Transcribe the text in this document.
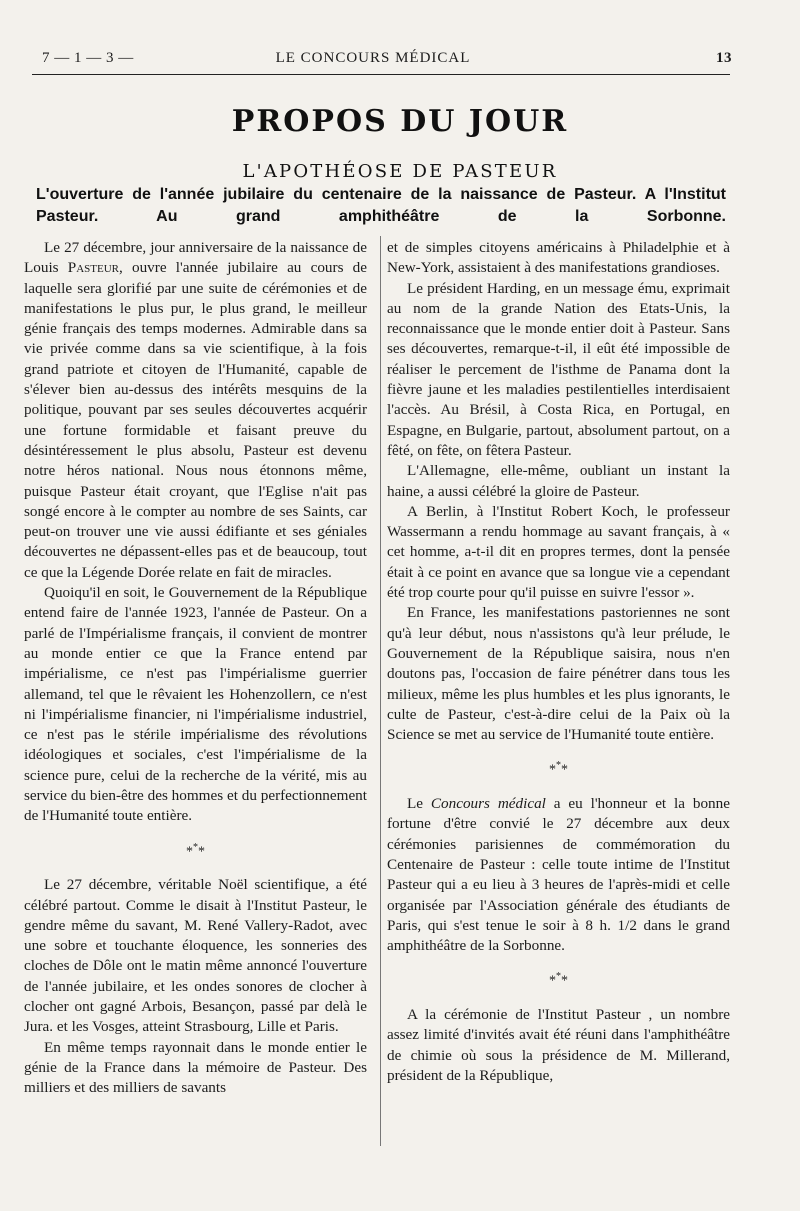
7 — 1 — 3 —	LE CONCOURS MÉDICAL	13
PROPOS DU JOUR
L'APOTHÉOSE DE PASTEUR
L'ouverture de l'année jubilaire du centenaire de la naissance de Pasteur. A l'Institut Pasteur. Au grand amphithéâtre de la Sorbonne.

Le 27 décembre, jour anniversaire de la naissance de Louis Pasteur, ouvre l'année jubilaire au cours de laquelle sera glorifié par une suite de cérémonies et de manifestations le plus pur, le plus grand, le meilleur génie français des temps modernes. Admirable dans sa vie privée comme dans sa vie scientifique, à la fois grand patriote et citoyen de l'Humanité, capable de s'élever bien au-dessus des intérêts mesquins de la politique, pouvant par ses seules découvertes acquérir une fortune formidable et faisant preuve du désintéressement le plus absolu, Pasteur est devenu notre héros national. Nous nous étonnons même, puisque Pasteur était croyant, que l'Eglise n'ait pas songé encore à le compter au nombre de ses Saints, car peut-on trouver une vie aussi édifiante et ses géniales découvertes ne dépassent-elles pas et de beaucoup, tout ce que la Légende Dorée relate en fait de miracles.

Quoiqu'il en soit, le Gouvernement de la République entend faire de l'année 1923, l'année de Pasteur. On a parlé de l'Impérialisme français, il convient de montrer au monde entier ce que la France entend par impérialisme, ce n'est pas l'impérialisme guerrier allemand, tel que le rêvaient les Hohenzollern, ce n'est ni l'impérialisme financier, ni l'impérialisme industriel, ce n'est pas le stérile impérialisme des révolutions idéologiques et sociales, c'est l'impérialisme de la science pure, celui de la recherche de la vérité, mis au service du bien-être des hommes et du perfectionnement de l'Humanité toute entière.

***

Le 27 décembre, véritable Noël scientifique, a été célébré partout. Comme le disait à l'Institut Pasteur, le gendre même du savant, M. René Vallery-Radot, avec une sobre et touchante éloquence, les sonneries des cloches de Dôle ont le matin même annoncé l'ouverture de l'année jubilaire, et les ondes sonores de clocher à clocher ont gagné Arbois, Besançon, passé par delà le Jura. et les Vosges, atteint Strasbourg, Lille et Paris.

En même temps rayonnait dans le monde entier le génie de la France dans la mémoire de Pasteur. Des milliers et des milliers de savants

et de simples citoyens américains à Philadelphie et à New-York, assistaient à des manifestations grandioses.

Le président Harding, en un message ému, exprimait au nom de la grande Nation des Etats-Unis, la reconnaissance que le monde entier doit à Pasteur. Sans ses découvertes, remarque-t-il, il eût été impossible de réaliser le percement de l'isthme de Panama dont la fièvre jaune et les maladies pestilentielles interdisaient l'accès. Au Brésil, à Costa Rica, en Portugal, en Espagne, en Bulgarie, partout, absolument partout, on a fêté, on fête, on fêtera Pasteur.

L'Allemagne, elle-même, oubliant un instant la haine, a aussi célébré la gloire de Pasteur.

A Berlin, à l'Institut Robert Koch, le professeur Wassermann a rendu hommage au savant français, à « cet homme, a-t-il dit en propres termes, dont la pensée était à ce point en avance que sa longue vie a cependant été trop courte pour qu'il puisse en suivre l'essor ».

En France, les manifestations pastoriennes ne sont qu'à leur début, nous n'assistons qu'à leur prélude, le Gouvernement de la République saisira, nous n'en doutons pas, l'occasion de faire pénétrer dans tous les milieux, même les plus humbles et les plus ignorants, le culte de Pasteur, c'est-à-dire celui de la Paix où la Science se met au service de l'Humanité toute entière.

***

Le Concours médical a eu l'honneur et la bonne fortune d'être convié le 27 décembre aux deux cérémonies parisiennes de commémoration du Centenaire de Pasteur : celle toute intime de l'Institut Pasteur qui a eu lieu à 3 heures de l'après-midi et celle organisée par l'Association générale des étudiants de Paris, qui s'est tenue le soir à 8 h. 1/2 dans le grand amphithéâtre de la Sorbonne.

***

A la cérémonie de l'Institut Pasteur , un nombre assez limité d'invités avait été réuni dans l'amphithéâtre de chimie où sous la présidence de M. Millerand, président de la République,
